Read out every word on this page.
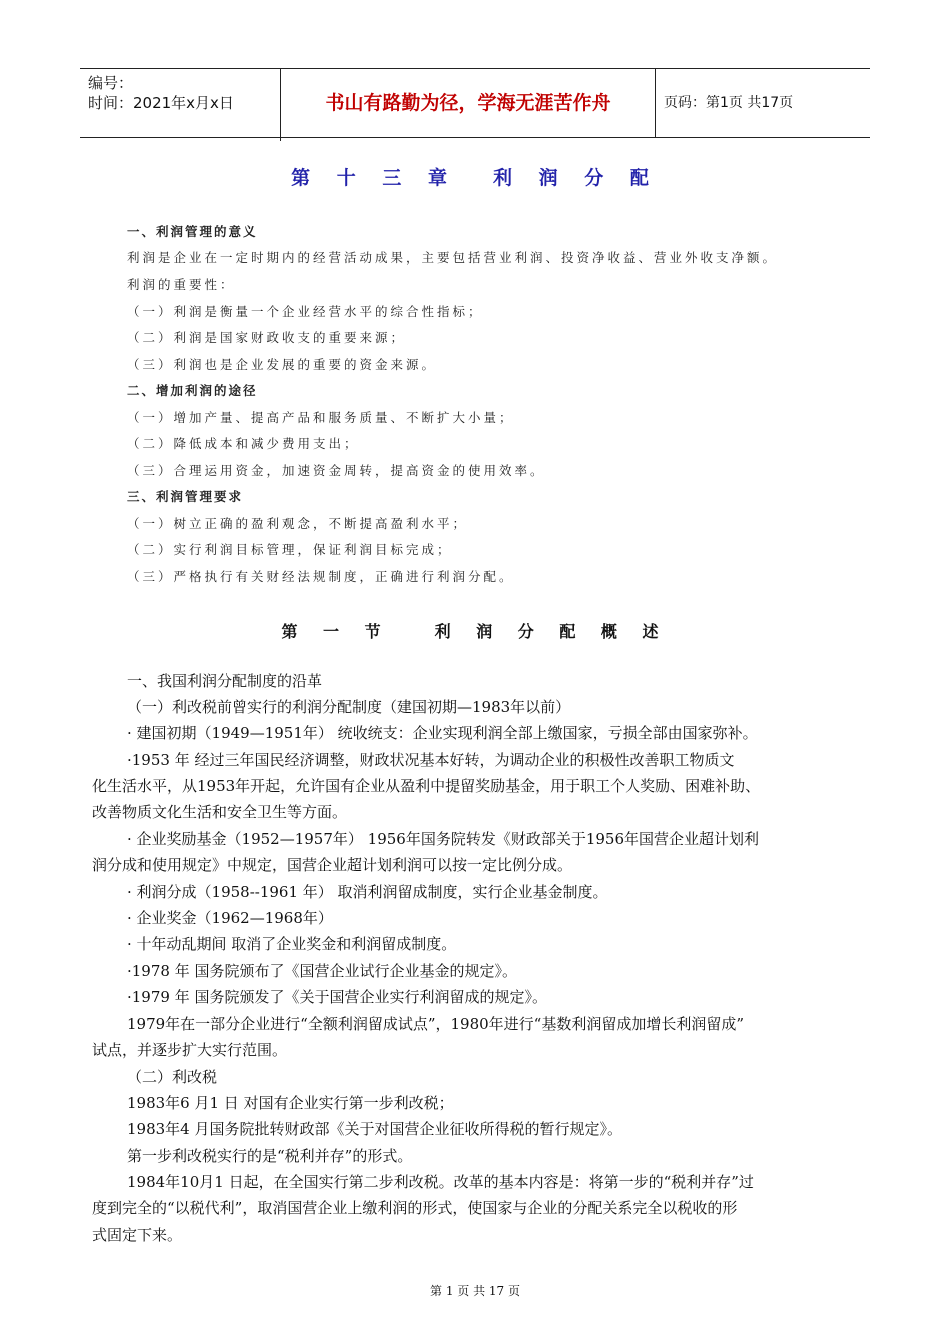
编号：
时间：2021年x月x日	书山有路勤为径，学海无涯苦作舟	页码：第1页 共17页
第 十 三 章 利 润 分 配
一、利润管理的意义
利润是企业在一定时期内的经营活动成果，主要包括营业利润、投资净收益、营业外收支净额。
利润的重要性：
（一）利润是衡量一个企业经营水平的综合性指标；
（二）利润是国家财政收支的重要来源；
（三）利润也是企业发展的重要的资金来源。
二、增加利润的途径
（一）增加产量、提高产品和服务质量、不断扩大小量；
（二）降低成本和减少费用支出；
（三）合理运用资金，加速资金周转，提高资金的使用效率。
三、利润管理要求
（一）树立正确的盈利观念，不断提高盈利水平；
（二）实行利润目标管理，保证利润目标完成；
（三）严格执行有关财经法规制度，正确进行利润分配。
第 一 节	利 润 分 配 概 述
一、我国利润分配制度的沿革
（一）利改税前曾实行的利润分配制度（建国初期—1983年以前）
· 建国初期（1949—1951年） 统收统支：企业实现利润全部上缴国家，亏损全部由国家弥补。
·1953 年 经过三年国民经济调整，财政状况基本好转，为调动企业的积极性改善职工物质文
化生活水平，从1953年开起，允许国有企业从盈利中提留奖励基金，用于职工个人奖励、困难补助、
改善物质文化生活和安全卫生等方面。
· 企业奖励基金（1952—1957年） 1956年国务院转发《财政部关于1956年国营企业超计划利
润分成和使用规定》中规定，国营企业超计划利润可以按一定比例分成。
· 利润分成（1958--1961 年） 取消利润留成制度，实行企业基金制度。
· 企业奖金（1962—1968年）
· 十年动乱期间 取消了企业奖金和利润留成制度。
·1978 年 国务院颁布了《国营企业试行企业基金的规定》。
·1979 年 国务院颁发了《关于国营企业实行利润留成的规定》。
1979年在一部分企业进行“全额利润留成试点”，1980年进行“基数利润留成加增长利润留成”
试点，并逐步扩大实行范围。
（二）利改税
1983年6 月1 日 对国有企业实行第一步利改税；
1983年4 月国务院批转财政部《关于对国营企业征收所得税的暂行规定》。
第一步利改税实行的是“税利并存”的形式。
1984年10月1 日起，在全国实行第二步利改税。改革的基本内容是：将第一步的“税利并存”过
度到完全的“以税代利”，取消国营企业上缴利润的形式，使国家与企业的分配关系完全以税收的形
式固定下来。
第 1 页 共 17 页
